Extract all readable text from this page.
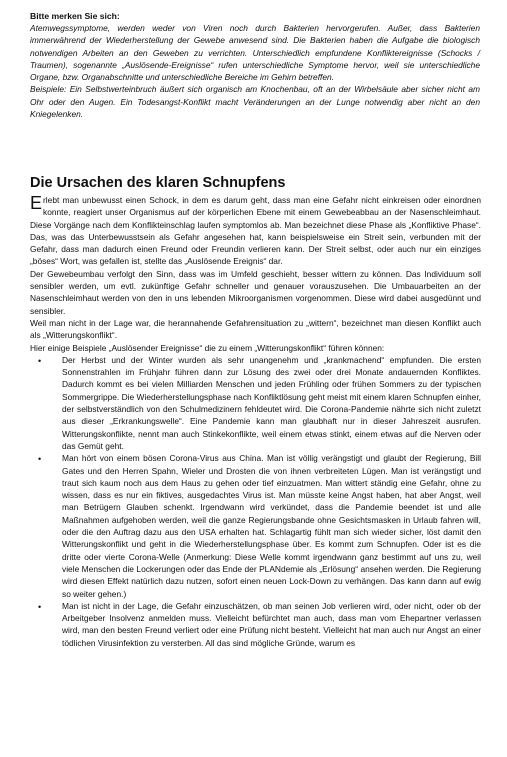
Bitte merken Sie sich:

Atemwegssymptome, werden weder von Viren noch durch Bakterien hervorgerufen. Außer, dass Bakterien immerwährend der Wiederherstellung der Gewebe anwesend sind. Die Bakterien haben die Aufgabe die biologisch notwendigen Arbeiten an den Geweben zu verrichten. Unterschiedlich empfundene Konfliktereignisse (Schocks / Traumen), sogenannte „Auslösende-Ereignisse“ rufen unterschiedliche Symptome hervor, weil sie unterschiedliche Organe, bzw. Organabschnitte und unterschiedliche Bereiche im Gehirn betreffen.

Beispiele: Ein Selbstwerteinbruch äußert sich organisch am Knochenbau, oft an der Wirbelsäule aber sicher nicht am Ohr oder den Augen. Ein Todesangst-Konflikt macht Veränderungen an der Lunge notwendig aber nicht an den Kniegelenken.

Die Ursachen des klaren Schnupfens

Erlebt man unbewusst einen Schock, in dem es darum geht, dass man eine Gefahr nicht einkreisen oder einordnen konnte, reagiert unser Organismus auf der körperlichen Ebene mit einem Gewebeabbau an der Nasenschleimhaut. Diese Vorgänge nach dem Konflikteinschlag laufen symptomlos ab. Man bezeichnet diese Phase als „Konfliktive Phase“. Das, was das Unterbewusstsein als Gefahr angesehen hat, kann beispielsweise ein Streit sein, verbunden mit der Gefahr, dass man dadurch einen Freund oder Freundin verlieren kann. Der Streit selbst, oder auch nur ein einziges „böses“ Wort, was gefallen ist, stellte das „Auslösende Ereignis“ dar.

Der Gewebeumbau verfolgt den Sinn, dass was im Umfeld geschieht, besser wittern zu können. Das Individuum soll sensibler werden, um evtl. zukünftige Gefahr schneller und genauer vorauszusehen. Die Umbauarbeiten an der Nasenschleimhaut werden von den in uns lebenden Mikroorganismen vorgenommen. Diese wird dabei ausgedünnt und sensibler.

Weil man nicht in der Lage war, die herannahende Gefahrensituation zu „wittern“, bezeichnet man diesen Konflikt auch als „Witterungskonflikt“.

Hier einige Beispiele „Auslösender Ereignisse“ die zu einem „Witterungskonflikt“ führen können:

• Der Herbst und der Winter wurden als sehr unangenehm und „krankmachend“ empfunden. Die ersten Sonnenstrahlen im Frühjahr führen dann zur Lösung des zwei oder drei Monate andauernden Konfliktes. Dadurch kommt es bei vielen Milliarden Menschen und jeden Frühling oder frühen Sommers zu der typischen Sommergrippe. Die Wiederherstellungsphase nach Konfliktlösung geht meist mit einem klaren Schnupfen einher, der selbstverständlich von den Schulmedizinern fehldeutet wird. Die Corona-Pandemie nährte sich nicht zuletzt aus dieser „Erkrankungswelle“. Eine Pandemie kann man glaubhaft nur in dieser Jahreszeit ausrufen. Witterungskonflikte, nennt man auch Stinkekonflikte, weil einem etwas stinkt, einem etwas auf die Nerven oder das Gemüt geht.
• Man hört von einem bösen Corona-Virus aus China. Man ist völlig verängstigt und glaubt der Regierung, Bill Gates und den Herren Spahn, Wieler und Drosten die von ihnen verbreiteten Lügen. Man ist verängstigt und traut sich kaum noch aus dem Haus zu gehen oder tief einzuatmen. Man wittert ständig eine Gefahr, ohne zu wissen, dass es nur ein fiktives, ausgedachtes Virus ist. Man müsste keine Angst haben, hat aber Angst, weil man Betrügern Glauben schenkt. Irgendwann wird verkündet, dass die Pandemie beendet ist und alle Maßnahmen aufgehoben werden, weil die ganze Regierungsbande ohne Gesichtsmasken in Urlaub fahren will, oder die den Auftrag dazu aus den USA erhalten hat. Schlagartig fühlt man sich wieder sicher, löst damit den Witterungskonflikt und geht in die Wiederherstellungsphase über. Es kommt zum Schnupfen. Oder ist es die dritte oder vierte Corona-Welle (Anmerkung: Diese Welle kommt irgendwann ganz bestimmt auf uns zu, weil viele Menschen die Lockerungen oder das Ende der PLANdemie als „Erlösung“ ansehen werden. Die Regierung wird diesen Effekt natürlich dazu nutzen, sofort einen neuen Lock-Down zu verhängen. Das kann dann auf ewig so weiter gehen.)
• Man ist nicht in der Lage, die Gefahr einzuschätzen, ob man seinen Job verlieren wird, oder nicht, oder ob der Arbeitgeber Insolvenz anmelden muss. Vielleicht befürchtet man auch, dass man vom Ehepartner verlassen wird, man den besten Freund verliert oder eine Prüfung nicht besteht. Vielleicht hat man auch nur Angst an einer tödlichen Virusinfektion zu versterben. All das sind mögliche Gründe, warum es
